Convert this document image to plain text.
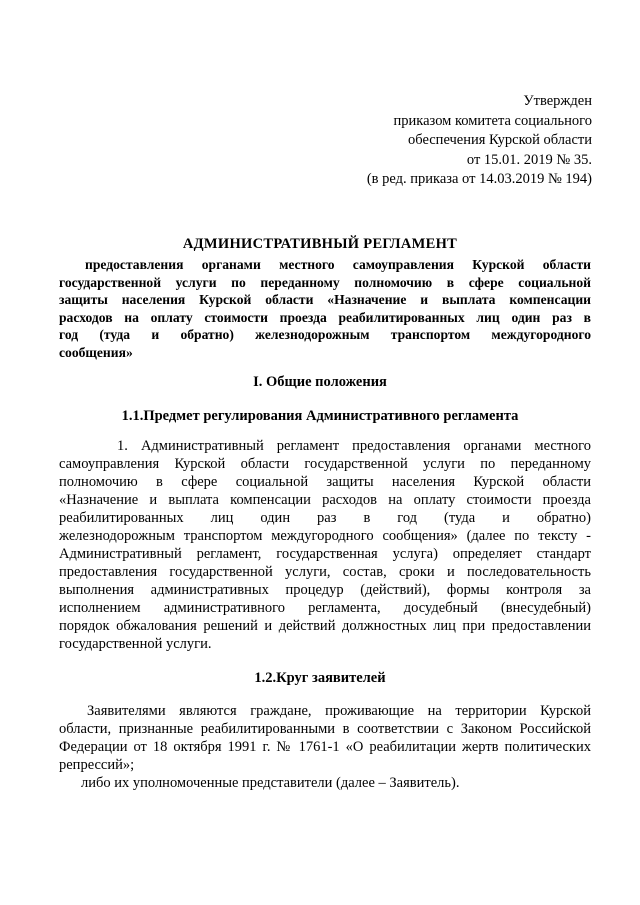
Утвержден
приказом комитета социального
обеспечения Курской области
от 15.01. 2019 № 35.
(в ред. приказа от 14.03.2019 № 194)
АДМИНИСТРАТИВНЫЙ РЕГЛАМЕНТ
предоставления органами местного самоуправления Курской области
государственной услуги по переданному полномочию в сфере социальной
защиты населения Курской области «Назначение и выплата компенсации
расходов на оплату стоимости проезда реабилитированных лиц один раз в
год (туда и обратно) железнодорожным транспортом междугородного
сообщения»
I. Общие положения
1.1.Предмет регулирования Административного регламента
1. Административный регламент предоставления органами местного
самоуправления Курской области государственной услуги по переданному
полномочию в сфере социальной защиты населения Курской области
«Назначение и выплата компенсации расходов на оплату стоимости проезда
реабилитированных лиц один раз в год (туда и обратно)
железнодорожным транспортом междугородного сообщения» (далее по тексту -
Административный регламент, государственная услуга) определяет стандарт
предоставления государственной услуги, состав, сроки и последовательность
выполнения административных процедур (действий), формы контроля за
исполнением административного регламента, досудебный (внесудебный)
порядок обжалования решений и действий должностных лиц при предоставлении
государственной услуги.
1.2.Круг заявителей
Заявителями являются граждане, проживающие на территории Курской
области, признанные реабилитированными в соответствии с Законом Российской
Федерации от 18 октября 1991 г. № 1761-1 «О реабилитации жертв политических
репрессий»;
либо их уполномоченные представители (далее – Заявитель).
